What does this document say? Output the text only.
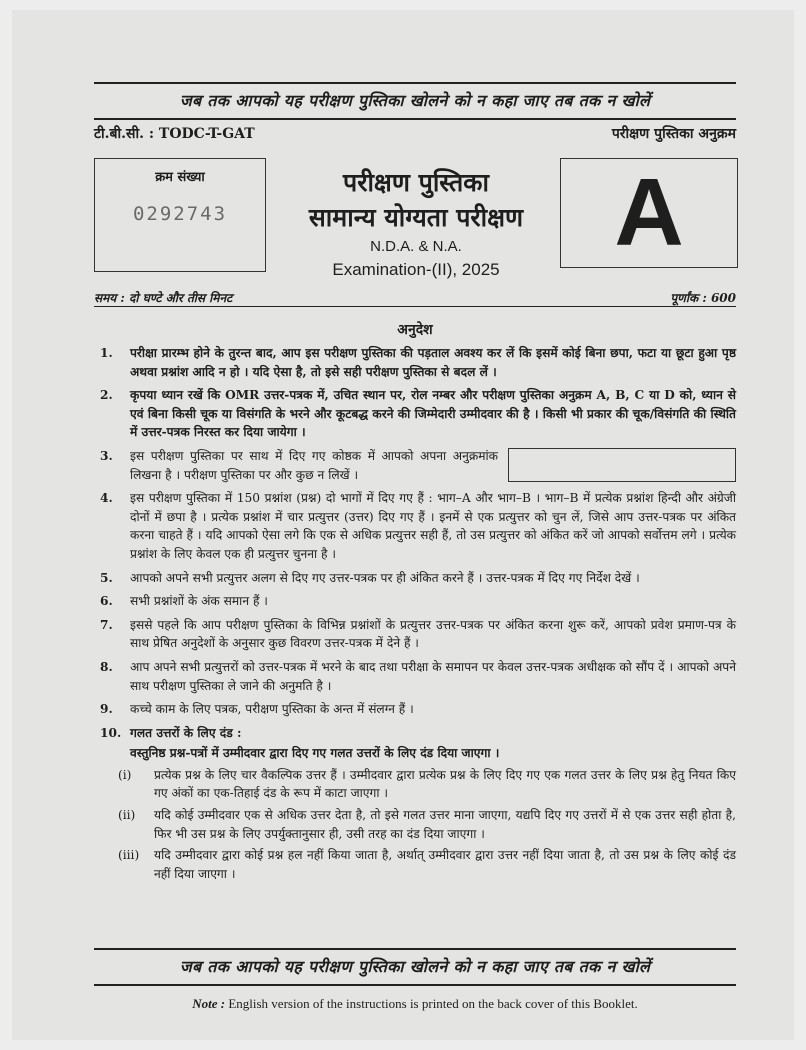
जब तक आपको यह परीक्षण पुस्तिका खोलने को न कहा जाए तब तक न खोलें
टी.बी.सी. : TODC-T-GAT	परीक्षण पुस्तिका अनुक्रम
क्रम संख्या
0292743
परीक्षण पुस्तिका
सामान्य योग्यता परीक्षण
N.D.A. & N.A.
Examination-(II), 2025
A
समय : दो घण्टे और तीस मिनट	पूर्णांक : 600
अनुदेश
1. परीक्षा प्रारम्भ होने के तुरन्त बाद, आप इस परीक्षण पुस्तिका की पड़ताल अवश्य कर लें कि इसमें कोई बिना छपा, फटा या छूटा हुआ पृष्ठ अथवा प्रश्नांश आदि न हो । यदि ऐसा है, तो इसे सही परीक्षण पुस्तिका से बदल लें ।
2. कृपया ध्यान रखें कि OMR उत्तर-पत्रक में, उचित स्थान पर, रोल नम्बर और परीक्षण पुस्तिका अनुक्रम A, B, C या D को, ध्यान से एवं बिना किसी चूक या विसंगति के भरने और कूटबद्ध करने की जिम्मेदारी उम्मीदवार की है । किसी भी प्रकार की चूक/विसंगति की स्थिति में उत्तर-पत्रक निरस्त कर दिया जायेगा ।
3. इस परीक्षण पुस्तिका पर साथ में दिए गए कोष्ठक में आपको अपना अनुक्रमांक लिखना है । परीक्षण पुस्तिका पर और कुछ न लिखें ।
4. इस परीक्षण पुस्तिका में 150 प्रश्नांश (प्रश्न) दो भागों में दिए गए हैं : भाग–A और भाग–B । भाग–B में प्रत्येक प्रश्नांश हिन्दी और अंग्रेजी दोनों में छपा है । प्रत्येक प्रश्नांश में चार प्रत्युत्तर (उत्तर) दिए गए हैं । इनमें से एक प्रत्युत्तर को चुन लें, जिसे आप उत्तर-पत्रक पर अंकित करना चाहते हैं । यदि आपको ऐसा लगे कि एक से अधिक प्रत्युत्तर सही हैं, तो उस प्रत्युत्तर को अंकित करें जो आपको सर्वोत्तम लगे । प्रत्येक प्रश्नांश के लिए केवल एक ही प्रत्युत्तर चुनना है ।
5. आपको अपने सभी प्रत्युत्तर अलग से दिए गए उत्तर-पत्रक पर ही अंकित करने हैं । उत्तर-पत्रक में दिए गए निर्देश देखें ।
6. सभी प्रश्नांशों के अंक समान हैं ।
7. इससे पहले कि आप परीक्षण पुस्तिका के विभिन्न प्रश्नांशों के प्रत्युत्तर उत्तर-पत्रक पर अंकित करना शुरू करें, आपको प्रवेश प्रमाण-पत्र के साथ प्रेषित अनुदेशों के अनुसार कुछ विवरण उत्तर-पत्रक में देने हैं ।
8. आप अपने सभी प्रत्युत्तरों को उत्तर-पत्रक में भरने के बाद तथा परीक्षा के समापन पर केवल उत्तर-पत्रक अधीक्षक को सौंप दें । आपको अपने साथ परीक्षण पुस्तिका ले जाने की अनुमति है ।
9. कच्चे काम के लिए पत्रक, परीक्षण पुस्तिका के अन्त में संलग्न हैं ।
10. गलत उत्तरों के लिए दंड :
वस्तुनिष्ठ प्रश्न-पत्रों में उम्मीदवार द्वारा दिए गए गलत उत्तरों के लिए दंड दिया जाएगा ।
(i) प्रत्येक प्रश्न के लिए चार वैकल्पिक उत्तर हैं । उम्मीदवार द्वारा प्रत्येक प्रश्न के लिए दिए गए एक गलत उत्तर के लिए प्रश्न हेतु नियत किए गए अंकों का एक-तिहाई दंड के रूप में काटा जाएगा ।
(ii) यदि कोई उम्मीदवार एक से अधिक उत्तर देता है, तो इसे गलत उत्तर माना जाएगा, यद्यपि दिए गए उत्तरों में से एक उत्तर सही होता है, फिर भी उस प्रश्न के लिए उपर्युक्तानुसार ही, उसी तरह का दंड दिया जाएगा ।
(iii) यदि उम्मीदवार द्वारा कोई प्रश्न हल नहीं किया जाता है, अर्थात् उम्मीदवार द्वारा उत्तर नहीं दिया जाता है, तो उस प्रश्न के लिए कोई दंड नहीं दिया जाएगा ।
जब तक आपको यह परीक्षण पुस्तिका खोलने को न कहा जाए तब तक न खोलें
Note : English version of the instructions is printed on the back cover of this Booklet.
